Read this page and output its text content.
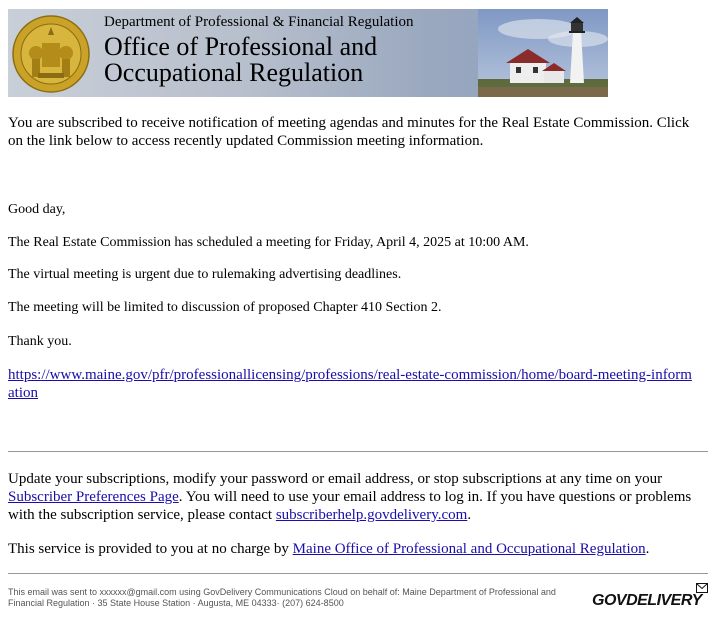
Department of Professional & Financial Regulation
Office of Professional and
Occupational Regulation
You are subscribed to receive notification of meeting agendas and minutes for the Real Estate Commission. Click on the link below to access recently updated Commission meeting information.
Good day,
The Real Estate Commission has scheduled a meeting for Friday, April 4, 2025 at 10:00 AM.
The virtual meeting is urgent due to rulemaking advertising deadlines.
The meeting will be limited to discussion of proposed Chapter 410 Section 2.
Thank you.
https://www.maine.gov/pfr/professionallicensing/professions/real-estate-commission/home/board-meeting-information
Update your subscriptions, modify your password or email address, or stop subscriptions at any time on your Subscriber Preferences Page. You will need to use your email address to log in. If you have questions or problems with the subscription service, please contact subscriberhelp.govdelivery.com.
This service is provided to you at no charge by Maine Office of Professional and Occupational Regulation.
This email was sent to xxxxxx@gmail.com using GovDelivery Communications Cloud on behalf of: Maine Department of Professional and Financial Regulation · 35 State House Station · Augusta, ME 04333· (207) 624-8500	GOVDELIVERY
